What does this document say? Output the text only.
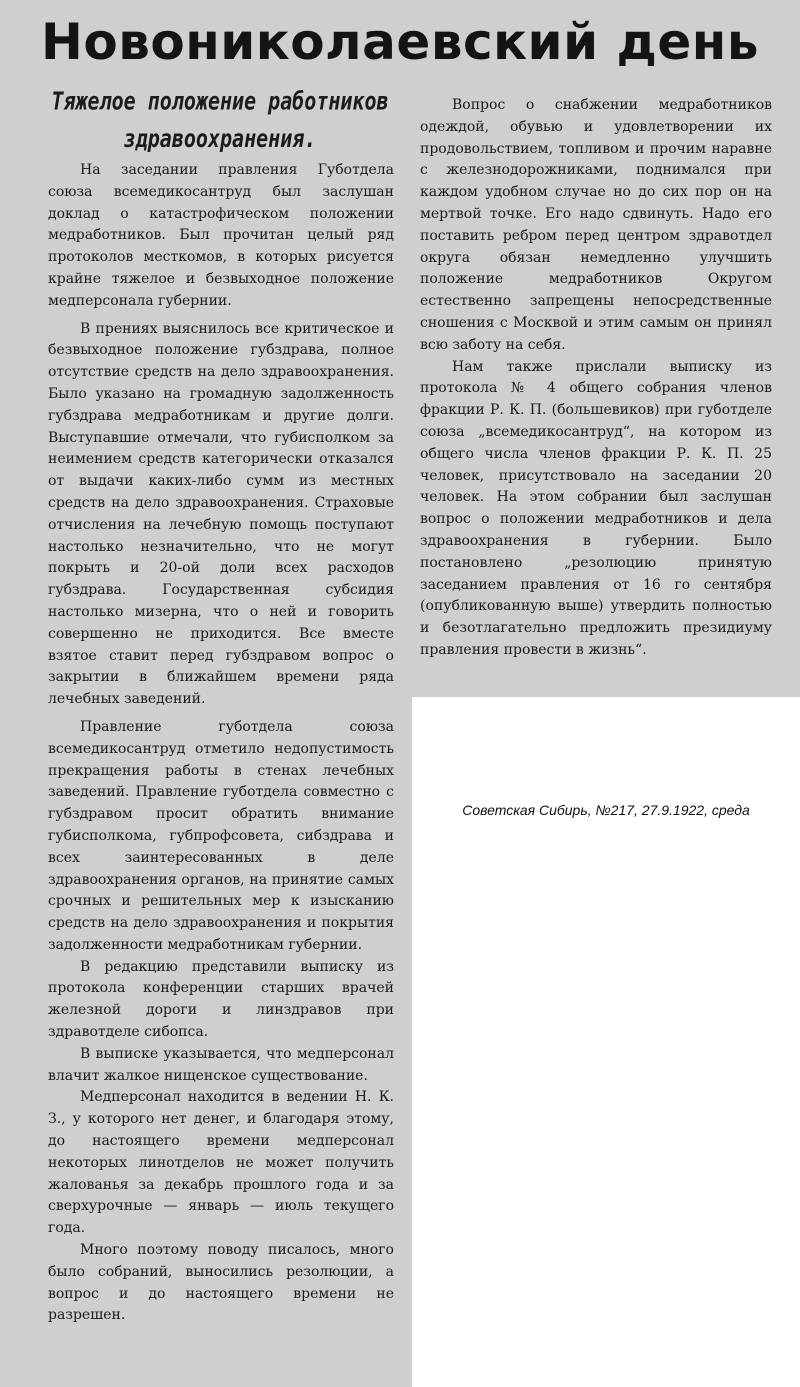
Новониколаевский день
Тяжелое положение работников здравоохранения.

На заседании правления Губотдела союза всемедикосантруд был заслушан доклад о катастрофическом положении медработников. Был прочитан целый ряд протоколов месткомов, в которых рисуется крайне тяжелое и безвыходное положение медперсонала губернии.

В прениях выяснилось все критическое и безвыходное положение губздрава, полное отсутствие средств на дело здравоохранения. Было указано на громадную задолженность губздрава медработникам и другие долги. Выступавшие отмечали, что губисполком за неимением средств категорически отказался от выдачи каких-либо сумм из местных средств на дело здравоохранения. Страховые отчисления на лечебную помощь поступают настолько незначительно, что не могут покрыть и 20-ой доли всех расходов губздрава. Государственная субсидия настолько мизерна, что о ней и говорить совершенно не приходится. Все вместе взятое ставит перед губздравом вопрос о закрытии в ближайшем времени ряда лечебных заведений.

Правление губотдела союза всемедикосантруд отметило недопустимость прекращения работы в стенах лечебных заведений. Правление губотдела совместно с губздравом просит обратить внимание губисполкома, губпрофсовета, сибздрава и всех заинтересованных в деле здравоохранения органов, на принятие самых срочных и решительных мер к изысканию средств на дело здравоохранения и покрытия задолженности медработникам губернии.

В редакцию представили выписку из протокола конференции старших врачей железной дороги и линздравов при здравотделе сибопса.

В выписке указывается, что медперсонал влачит жалкое нищенское существование.

Медперсонал находится в ведении Н. К. З., у которого нет денег, и благодаря этому, до настоящего времени медперсонал некоторых линотделов не может получить жалованья за декабрь прошлого года и за сверхурочные — январь — июль текущего года.

Много поэтому поводу писалось, много было собраний, выносились резолюции, а вопрос и до настоящего времени не разрешен.

Вопрос о снабжении медработников одеждой, обувью и удовлетворении их продовольствием, топливом и прочим наравне с железнодорожниками, поднимался при каждом удобном случае но до сих пор он на мертвой точке. Его надо сдвинуть. Надо его поставить ребром перед центром здравотдел округа обязан немедленно улучшить положение медработников Округом естественно запрещены непосредственные сношения с Москвой и этим самым он принял всю заботу на себя.

Нам также прислали выписку из протокола № 4 общего собрания членов фракции Р. К. П. (большевиков) при губотделе союза „всемедикосантруд“, на котором из общего числа членов фракции Р. К. П. 25 человек, присутствовало на заседании 20 человек. На этом собрании был заслушан вопрос о положении медработников и дела здравоохранения в губернии. Было постановлено „резолюцию принятую заседанием правления от 16 го сентября (опубликованную выше) утвердить полностью и безотлагательно предложить президиуму правления провести в жизнь“.

Советская Сибирь, №217, 27.9.1922, среда
